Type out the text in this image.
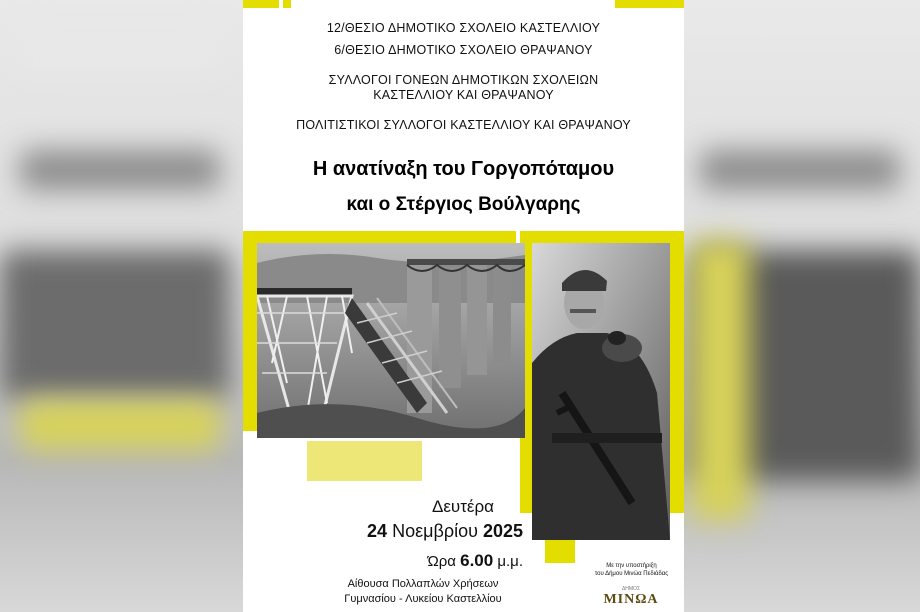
12/ΘΕΣΙΟ ΔΗΜΟΤΙΚΟ ΣΧΟΛΕΙΟ ΚΑΣΤΕΛΛΙΟΥ
6/ΘΕΣΙΟ ΔΗΜΟΤΙΚΟ ΣΧΟΛΕΙΟ ΘΡΑΨΑΝΟΥ
ΣΥΛΛΟΓΟΙ ΓΟΝΕΩΝ ΔΗΜΟΤΙΚΩΝ ΣΧΟΛΕΙΩΝ
ΚΑΣΤΕΛΛΙΟΥ ΚΑΙ ΘΡΑΨΑΝΟΥ
ΠΟΛΙΤΙΣΤΙΚΟΙ ΣΥΛΛΟΓΟΙ ΚΑΣΤΕΛΛΙΟΥ ΚΑΙ ΘΡΑΨΑΝΟΥ
Η ανατίναξη του Γοργοπόταμου
και ο Στέργιος Βούλγαρης
Δευτέρα
24 Νοεμβρίου 2025
Ώρα 6.00 μ.μ.
Αίθουσα Πολλαπλών Χρήσεων
Γυμνασίου - Λυκείου Καστελλίου
Με την υποστήριξη
του Δήμου Μινώα Πεδιάδας
ΔΗΜΟΣ
ΜΙΝΩΑ
